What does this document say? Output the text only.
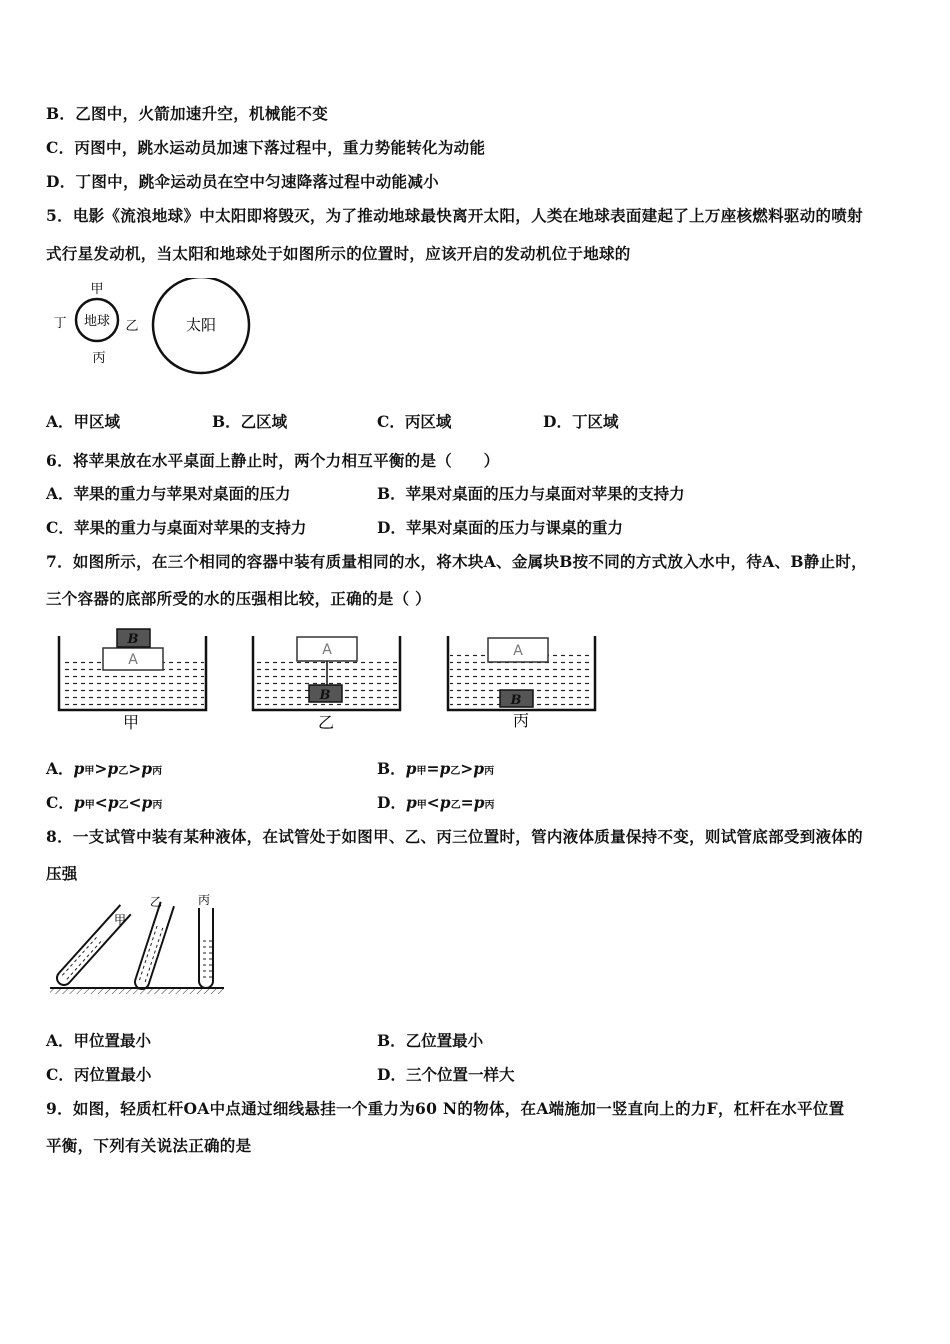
B．乙图中，火箭加速升空，机械能不变
C．丙图中，跳水运动员加速下落过程中，重力势能转化为动能
D．丁图中，跳伞运动员在空中匀速降落过程中动能减小
5．电影《流浪地球》中太阳即将毁灭，为了推动地球最快离开太阳，人类在地球表面建起了上万座核燃料驱动的喷射
式行星发动机，当太阳和地球处于如图所示的位置时，应该开启的发动机位于地球的
地球	太阳
甲
乙
丙
丁
A．甲区域	B．乙区域	C．丙区域	D．丁区域
6．将苹果放在水平桌面上静止时，两个力相互平衡的是（　　）
A．苹果的重力与苹果对桌面的压力	B．苹果对桌面的压力与桌面对苹果的支持力
C．苹果的重力与桌面对苹果的支持力	D．苹果对桌面的压力与课桌的重力
7．如图所示，在三个相同的容器中装有质量相同的水，将木块A、金属块B按不同的方式放入水中，待A、B静止时，
三个容器的底部所受的水的压强相比较，正确的是（ ）
A
B
甲
A
B
乙
A
B
丙
A．p甲>p乙>p丙	B．p甲=p乙>p丙
C．p甲<p乙<p丙	D．p甲<p乙=p丙
8．一支试管中装有某种液体，在试管处于如图甲、乙、丙三位置时，管内液体质量保持不变，则试管底部受到液体的
压强
甲
乙	丙
A．甲位置最小	B．乙位置最小
C．丙位置最小	D．三个位置一样大
9．如图，轻质杠杆OA中点通过细线悬挂一个重力为60 N的物体，在A端施加一竖直向上的力F，杠杆在水平位置
平衡，下列有关说法正确的是
